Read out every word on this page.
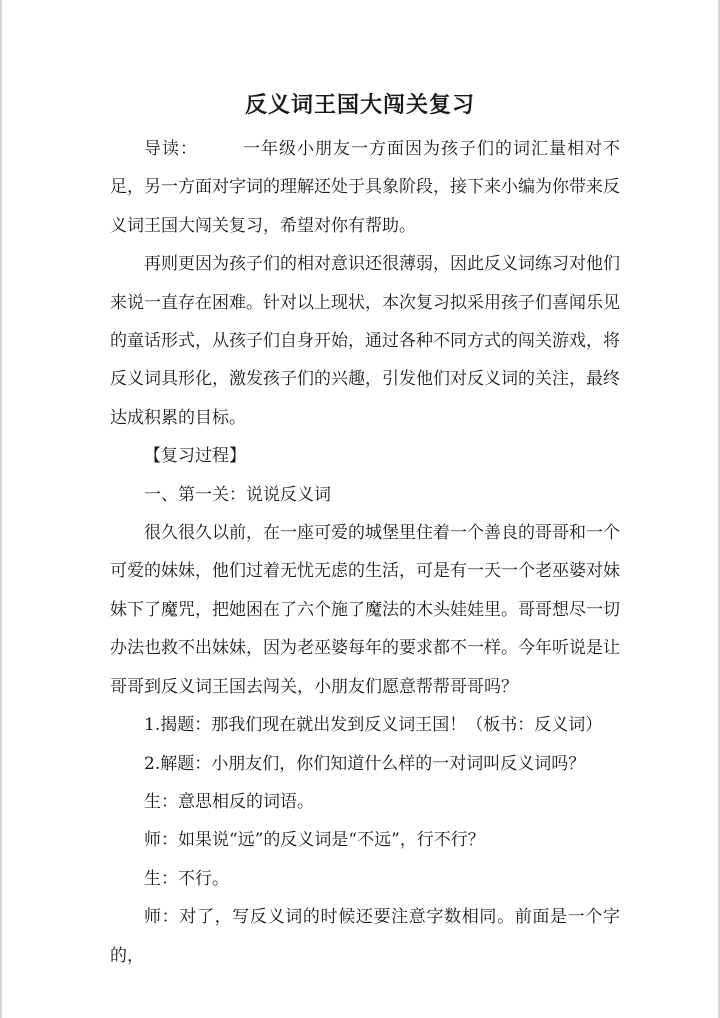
反义词王国大闯关复习

导读：	一年级小朋友一方面因为孩子们的词汇量相对不足，另一方面对字词的理解还处于具象阶段，接下来小编为你带来反义词王国大闯关复习，希望对你有帮助。

再则更因为孩子们的相对意识还很薄弱，因此反义词练习对他们来说一直存在困难。针对以上现状，本次复习拟采用孩子们喜闻乐见的童话形式，从孩子们自身开始，通过各种不同方式的闯关游戏，将反义词具形化，激发孩子们的兴趣，引发他们对反义词的关注，最终达成积累的目标。

【复习过程】

一、第一关：说说反义词

很久很久以前，在一座可爱的城堡里住着一个善良的哥哥和一个可爱的妹妹，他们过着无忧无虑的生活，可是有一天一个老巫婆对妹妹下了魔咒，把她困在了六个施了魔法的木头娃娃里。哥哥想尽一切办法也救不出妹妹，因为老巫婆每年的要求都不一样。今年听说是让哥哥到反义词王国去闯关，小朋友们愿意帮帮哥哥吗？

1.揭题：那我们现在就出发到反义词王国！（板书：反义词）

2.解题：小朋友们，你们知道什么样的一对词叫反义词吗？

生：意思相反的词语。

师：如果说“远”的反义词是“不远”，行不行？

生：不行。

师：对了，写反义词的时候还要注意字数相同。前面是一个字的，
